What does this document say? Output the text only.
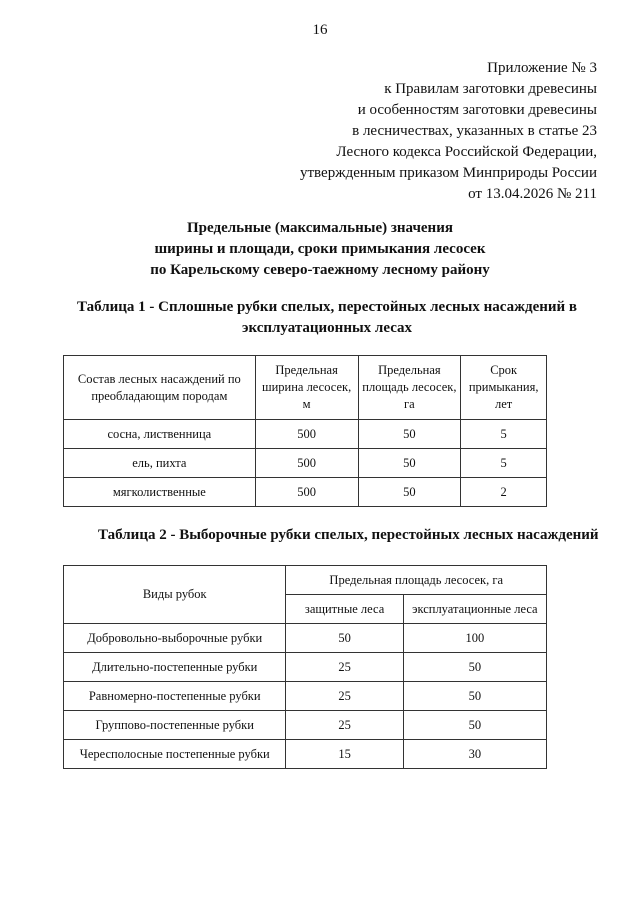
16
Приложение № 3
к Правилам заготовки древесины
и особенностям заготовки древесины
в лесничествах, указанных в статье 23
Лесного кодекса Российской Федерации,
утвержденным приказом Минприроды России
от 13.04.2026 № 211
Предельные (максимальные) значения
ширины и площади, сроки примыкания лесосек
по Карельскому северо-таежному лесному району
Таблица 1 - Сплошные рубки спелых, перестойных лесных насаждений в
эксплуатационных лесах
Состав лесных насаждений по преобладающим породам	Предельная ширина лесосек, м	Предельная площадь лесосек, га	Срок примыкания, лет
сосна, лиственница	500	50	5
ель, пихта	500	50	5
мягколиственные	500	50	2
Таблица 2 - Выборочные рубки спелых, перестойных лесных насаждений
Виды рубок	Предельная площадь лесосек, га	
	защитные леса	эксплуатационные леса
Добровольно-выборочные рубки	50	100
Длительно-постепенные рубки	25	50
Равномерно-постепенные рубки	25	50
Группово-постепенные рубки	25	50
Чересполосные постепенные рубки	15	30
